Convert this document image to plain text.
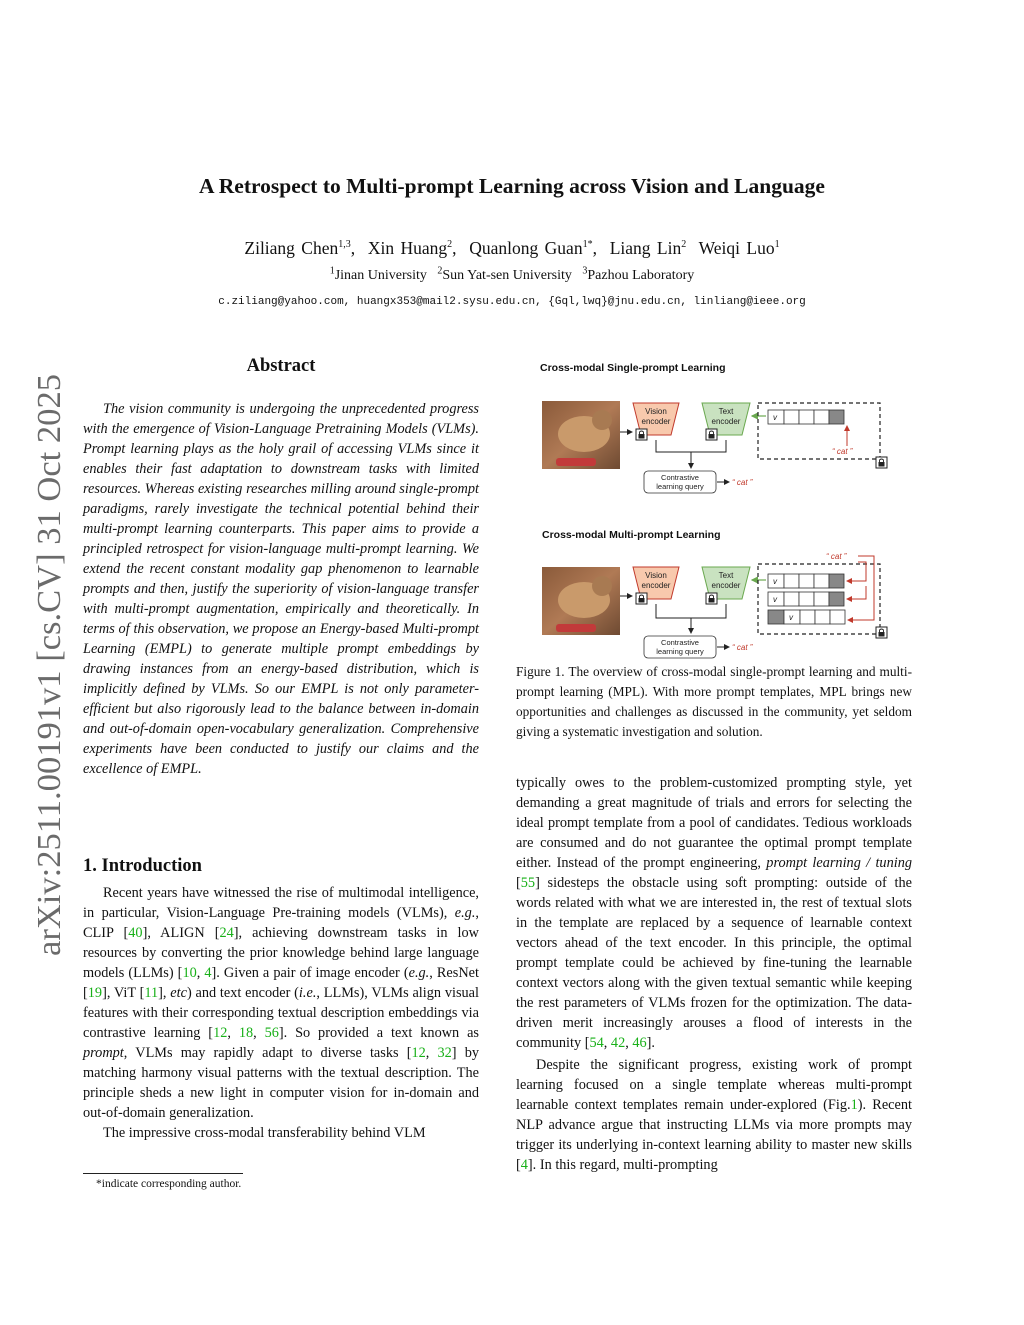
arXiv:2511.00191v1 [cs.CV] 31 Oct 2025
A Retrospect to Multi-prompt Learning across Vision and Language
Ziliang Chen$^{1,3}$,  Xin Huang$^2$,  Quanlong Guan$^{1*}$,  Liang Lin$^2$ Weiqi Luo$^1$
$^1$Jinan University $^2$Sun Yat-sen University $^3$Pazhou Laboratory
c.ziliang@yahoo.com, huangx353@mail2.sysu.edu.cn, {Gql,lwq}@jnu.edu.cn, linliang@ieee.org
Abstract

The vision community is undergoing the unprecedented progress with the emergence of Vision-Language Pretraining Models (VLMs). Prompt learning plays as the holy grail of accessing VLMs since it enables their fast adaptation to downstream tasks with limited resources. Whereas existing researches milling around single-prompt paradigms, rarely investigate the technical potential behind their multi-prompt learning counterparts. This paper aims to provide a principled retrospect for vision-language multi-prompt learning. We extend the recent constant modality gap phenomenon to learnable prompts and then, justify the superiority of vision-language transfer with multi-prompt augmentation, empirically and theoretically. In terms of this observation, we propose an Energy-based Multi-prompt Learning (EMPL) to generate multiple prompt embeddings by drawing instances from an energy-based distribution, which is implicitly defined by VLMs. So our EMPL is not only parameter-efficient but also rigorously lead to the balance between in-domain and out-of-domain open-vocabulary generalization. Comprehensive experiments have been conducted to justify our claims and the excellence of EMPL.

1. Introduction

Recent years have witnessed the rise of multimodal intelligence, in particular, Vision-Language Pre-training models (VLMs), e.g., CLIP [40], ALIGN [24], achieving downstream tasks in low resources by converting the prior knowledge behind large language models (LLMs) [10, 4]. Given a pair of image encoder (e.g., ResNet [19], ViT [11], etc) and text encoder (i.e., LLMs), VLMs align visual features with their corresponding textual description embeddings via contrastive learning [12, 18, 56]. So provided a text known as prompt, VLMs may rapidly adapt to diverse tasks [12, 32] by matching harmony visual patterns with the textual description. The principle sheds a new light in computer vision for in-domain and out-of-domain generalization.

The impressive cross-modal transferability behind VLM

*indicate corresponding author.
Cross-modal Single-prompt Learning
Vision
encoder
Text
encoder	v
“ cat ”
Contrastive
learning query	“ cat ”
Cross-modal Multi-prompt Learning
Vision
encoder
Text
encoder	v
v
v
“ cat ”
Contrastive
learning query	“ cat ”

Figure 1. The overview of cross-modal single-prompt learning and multi-prompt learning (MPL). With more prompt templates, MPL brings new opportunities and challenges as discussed in the community, yet seldom giving a systematic investigation and solution.

typically owes to the problem-customized prompting style, yet demanding a great magnitude of trials and errors for selecting the ideal prompt template from a pool of candidates. Tedious workloads are consumed and do not guarantee the optimal prompt template either. Instead of the prompt engineering, prompt learning / tuning [55] sidesteps the obstacle using soft prompting: outside of the words related with what we are interested in, the rest of textual slots in the template are replaced by a sequence of learnable context vectors ahead of the text encoder. In this principle, the optimal prompt template could be achieved by fine-tuning the learnable context vectors along with the given textual semantic while keeping the rest parameters of VLMs frozen for the optimization. The data-driven merit increasingly arouses a flood of interests in the community [54, 42, 46].

Despite the significant progress, existing work of prompt learning focused on a single template whereas multi-prompt learnable context templates remain under-explored (Fig.1). Recent NLP advance argue that instructing LLMs via more prompts may trigger its underlying in-context learning ability to master new skills [4]. In this regard, multi-prompting
